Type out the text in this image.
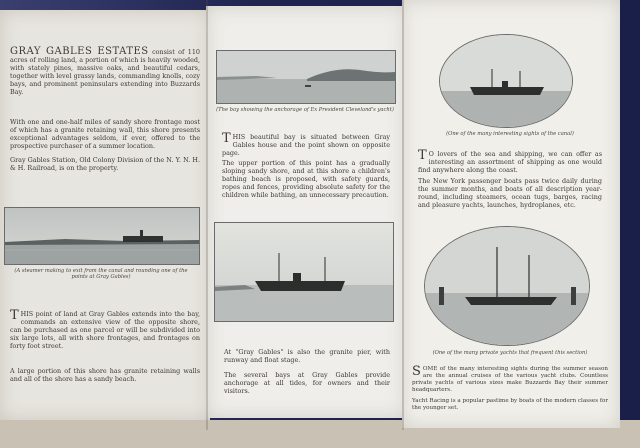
GRAY GABLES ESTATES consist of 110 acres of rolling land, a portion of which is heavily wooded, with stately pines, massive oaks, and beautiful cedars, together with level grassy lands, commanding knolls, cozy bays, and prominent peninsulars extending into Buzzards Bay.
With one and one-half miles of sandy shore frontage most of which has a granite retaining wall, this shore presents exceptional advantages seldom, if ever, offered to the prospective purchaser of a summer location.
Gray Gables Station, Old Colony Division of the N. Y. N. H. & H. Railroad, is on the property.
(A steamer making to exit from the canal and rounding one of the points at Gray Gables)
T HIS point of land at Gray Gables extends into the bay, commands an extensive view of the opposite shore, can be purchased as one parcel or will be subdivided into six large lots, all with shore frontages, and frontages on forty foot street.
A large portion of this shore has granite retaining walls and all of the shore has a sandy beach.
(The bay showing the anchorage of Ex President Cleveland's yacht)
T HIS beautiful bay is situated between Gray Gables house and the point shown on opposite page.
The upper portion of this point has a gradually sloping sandy shore, and at this shore a children's bathing beach is proposed, with safety guards, ropes and fences, providing absolute safety for the children while bathing, an unnecessary precaution.
At "Gray Gables" is also the granite pier, with runway and float stage.
The several bays at Gray Gables provide anchorage at all tides, for owners and their visitors.
(One of the many interesting sights of the canal)
T O lovers of the sea and shipping, we can offer as interesting an assortment of shipping as one would find anywhere along the coast.
The New York passenger boats pass twice daily during the summer months, and boats of all description year-round, including steamers, ocean tugs, barges, racing and pleasure yachts, launches, hydroplanes, etc.
(One of the many private yachts that frequent this section)
S OME of the many interesting sights during the summer season are the annual cruises of the various yacht clubs. Countless private yachts of various sizes make Buzzards Bay their summer headquarters.
Yacht Racing is a popular pastime by boats of the modern classes for the younger set.
